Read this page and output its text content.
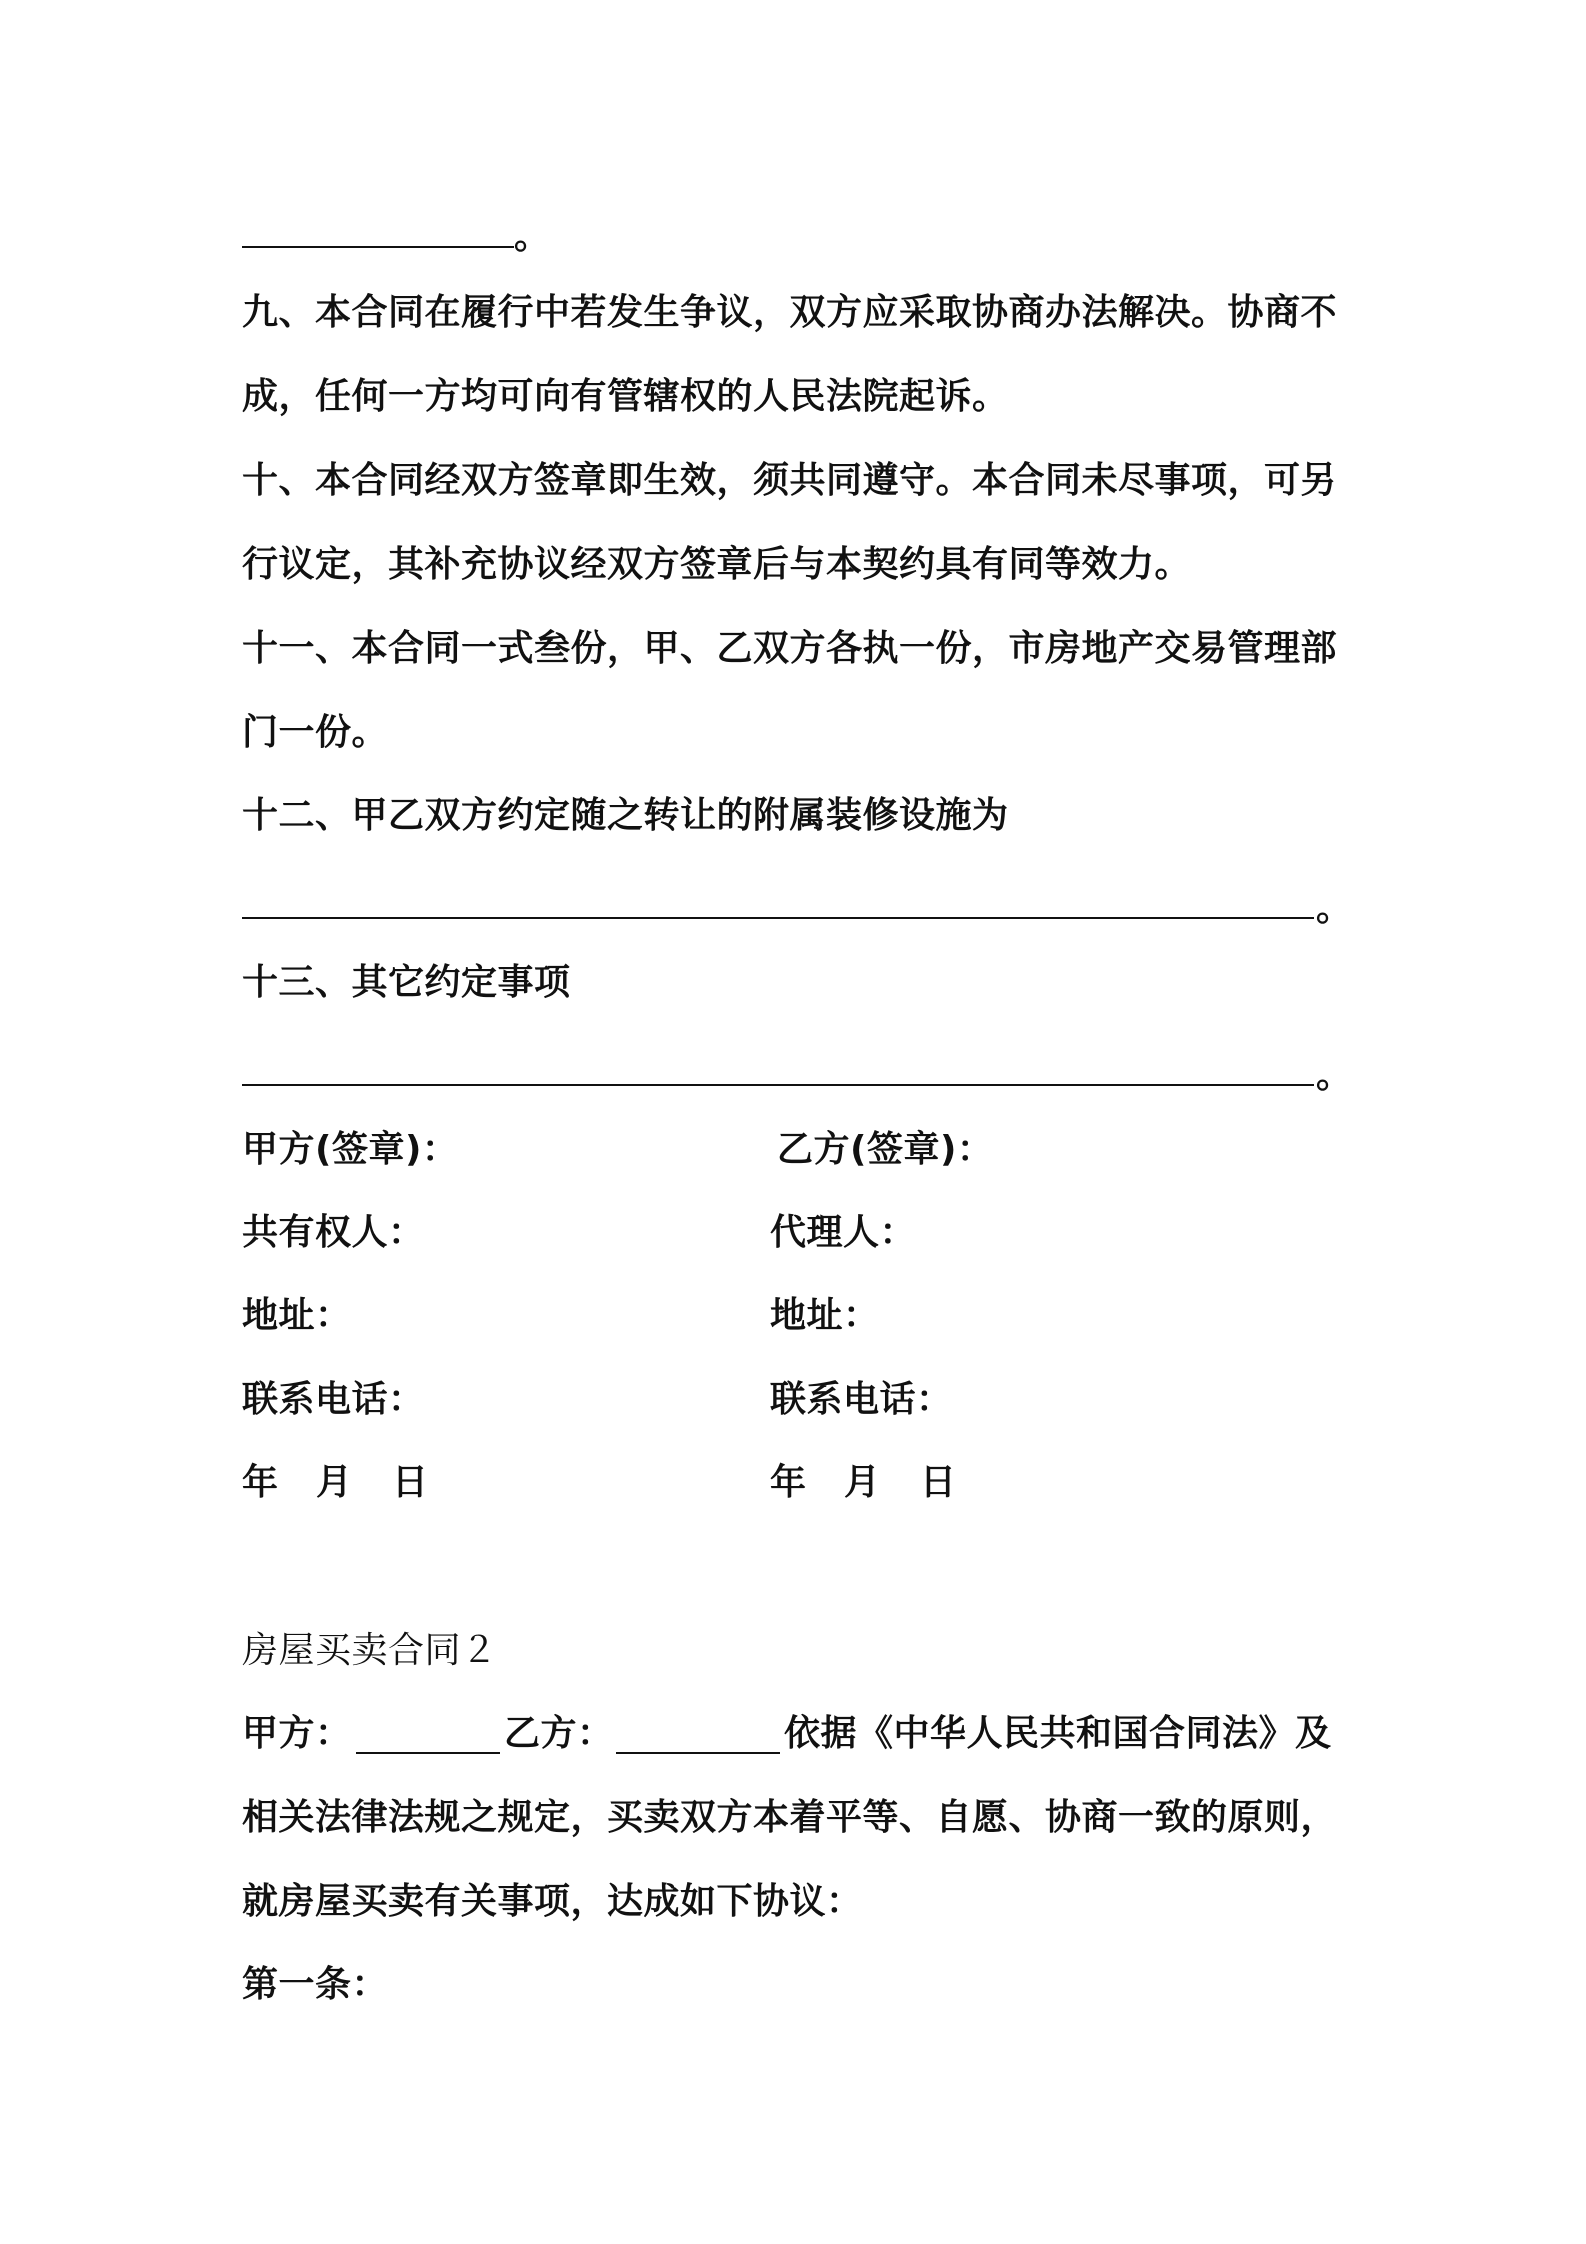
。
九、本合同在履行中若发生争议，双方应采取协商办法解决。协商不
成，任何一方均可向有管辖权的人民法院起诉。
十、本合同经双方签章即生效，须共同遵守。本合同未尽事项，可另
行议定，其补充协议经双方签章后与本契约具有同等效力。
十一、本合同一式叁份，甲、乙双方各执一份，市房地产交易管理部
门一份。
十二、甲乙双方约定随之转让的附属装修设施为
。
十三、其它约定事项
。
甲方(签章)：	乙方(签章)：
共有权人：	代理人：
地址：	地址：
联系电话：	联系电话：
年 月 日	年 月 日
房屋买卖合同２
甲方：	乙方：	依据《中华人民共和国合同法》及
相关法律法规之规定，买卖双方本着平等、自愿、协商一致的原则，
就房屋买卖有关事项，达成如下协议：
第一条：
